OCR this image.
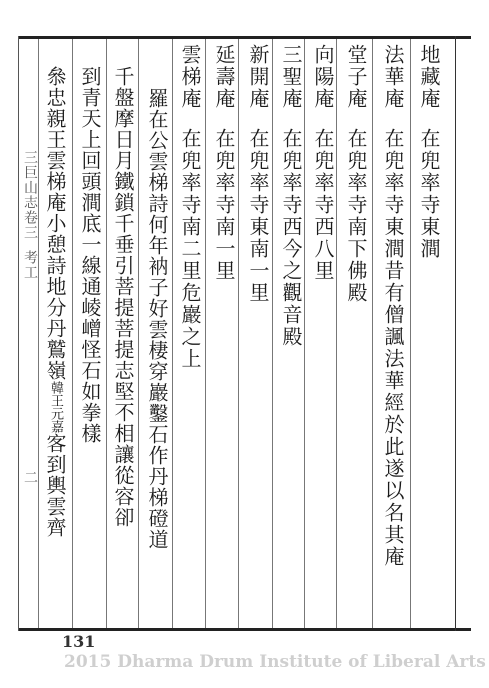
地藏庵在兜率寺東澗
法華庵在兜率寺東澗昔有僧諷法華經於此遂以名其庵
堂子庵在兜率寺南下佛殿
向陽庵在兜率寺西八里
三聖庵在兜率寺西今之觀音殿
新開庵在兜率寺東南一里
延壽庵在兜率寺南一里
雲梯庵在兜率寺南二里危巖之上
羅在公雲梯詩何年衲子好雲棲穿巖鑿石作丹梯磴道
千盤摩日月鐵鎖千垂引菩提菩提志堅不相讓從容卻
到青天上回頭澗底一線通崚嶒怪石如拳樣
叅忠親王雲梯庵小憩詩地分丹鷲嶺韓王元嘉客到輿雲齊
三巨山志卷三考工
二
131
2015 Dharma Drum Institute of Liberal Arts
